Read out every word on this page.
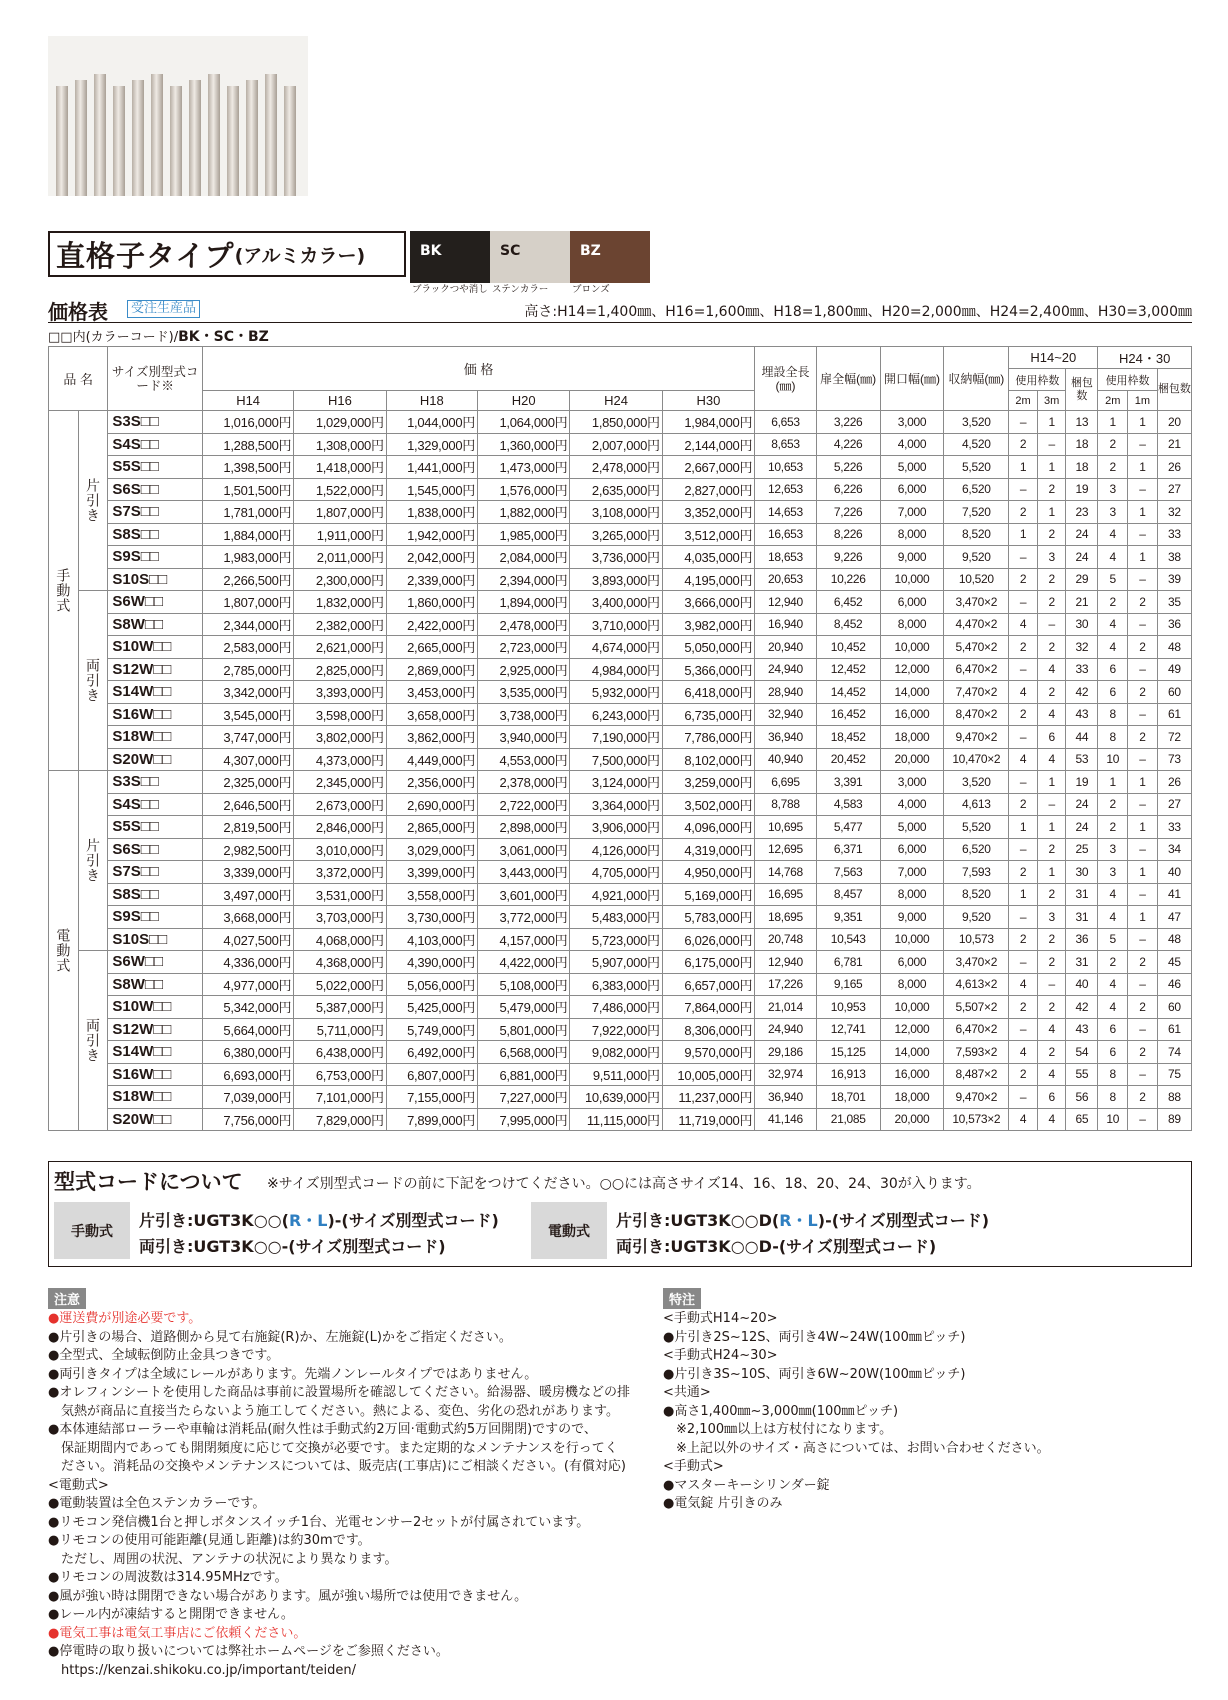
直格子タイプ (アルミカラー)	BK
ブラックつや消し
SC
ステンカラー
BZ
ブロンズ
価格表	受注生産品	高さ:H14=1,400㎜、H16=1,600㎜、H18=1,800㎜、H20=2,000㎜、H24=2,400㎜、H30=3,000㎜
□□内(カラーコード)/BK・SC・BZ
品 名		サイズ別型式コード※	価 格						埋設全長(㎜)	扉全幅(㎜)	開口幅(㎜)	収納幅(㎜)	H14~20			H24・30		
													使用枠数		梱包数	使用枠数		梱包数
			H14	H16	H18	H20	H24	H30					2m	3m		2m	1m	
手動式	片引き	S3S□□	1,016,000円	1,029,000円	1,044,000円	1,064,000円	1,850,000円	1,984,000円	6,653	3,226	3,000	3,520	–	1	13	1	1	20
		S4S□□	1,288,500円	1,308,000円	1,329,000円	1,360,000円	2,007,000円	2,144,000円	8,653	4,226	4,000	4,520	2	–	18	2	–	21
		S5S□□	1,398,500円	1,418,000円	1,441,000円	1,473,000円	2,478,000円	2,667,000円	10,653	5,226	5,000	5,520	1	1	18	2	1	26
		S6S□□	1,501,500円	1,522,000円	1,545,000円	1,576,000円	2,635,000円	2,827,000円	12,653	6,226	6,000	6,520	–	2	19	3	–	27
		S7S□□	1,781,000円	1,807,000円	1,838,000円	1,882,000円	3,108,000円	3,352,000円	14,653	7,226	7,000	7,520	2	1	23	3	1	32
		S8S□□	1,884,000円	1,911,000円	1,942,000円	1,985,000円	3,265,000円	3,512,000円	16,653	8,226	8,000	8,520	1	2	24	4	–	33
		S9S□□	1,983,000円	2,011,000円	2,042,000円	2,084,000円	3,736,000円	4,035,000円	18,653	9,226	9,000	9,520	–	3	24	4	1	38
		S10S□□	2,266,500円	2,300,000円	2,339,000円	2,394,000円	3,893,000円	4,195,000円	20,653	10,226	10,000	10,520	2	2	29	5	–	39
	両引き	S6W□□	1,807,000円	1,832,000円	1,860,000円	1,894,000円	3,400,000円	3,666,000円	12,940	6,452	6,000	3,470×2	–	2	21	2	2	35
		S8W□□	2,344,000円	2,382,000円	2,422,000円	2,478,000円	3,710,000円	3,982,000円	16,940	8,452	8,000	4,470×2	4	–	30	4	–	36
		S10W□□	2,583,000円	2,621,000円	2,665,000円	2,723,000円	4,674,000円	5,050,000円	20,940	10,452	10,000	5,470×2	2	2	32	4	2	48
		S12W□□	2,785,000円	2,825,000円	2,869,000円	2,925,000円	4,984,000円	5,366,000円	24,940	12,452	12,000	6,470×2	–	4	33	6	–	49
		S14W□□	3,342,000円	3,393,000円	3,453,000円	3,535,000円	5,932,000円	6,418,000円	28,940	14,452	14,000	7,470×2	4	2	42	6	2	60
		S16W□□	3,545,000円	3,598,000円	3,658,000円	3,738,000円	6,243,000円	6,735,000円	32,940	16,452	16,000	8,470×2	2	4	43	8	–	61
		S18W□□	3,747,000円	3,802,000円	3,862,000円	3,940,000円	7,190,000円	7,786,000円	36,940	18,452	18,000	9,470×2	–	6	44	8	2	72
		S20W□□	4,307,000円	4,373,000円	4,449,000円	4,553,000円	7,500,000円	8,102,000円	40,940	20,452	20,000	10,470×2	4	4	53	10	–	73
電動式	片引き	S3S□□	2,325,000円	2,345,000円	2,356,000円	2,378,000円	3,124,000円	3,259,000円	6,695	3,391	3,000	3,520	–	1	19	1	1	26
		S4S□□	2,646,500円	2,673,000円	2,690,000円	2,722,000円	3,364,000円	3,502,000円	8,788	4,583	4,000	4,613	2	–	24	2	–	27
		S5S□□	2,819,500円	2,846,000円	2,865,000円	2,898,000円	3,906,000円	4,096,000円	10,695	5,477	5,000	5,520	1	1	24	2	1	33
		S6S□□	2,982,500円	3,010,000円	3,029,000円	3,061,000円	4,126,000円	4,319,000円	12,695	6,371	6,000	6,520	–	2	25	3	–	34
		S7S□□	3,339,000円	3,372,000円	3,399,000円	3,443,000円	4,705,000円	4,950,000円	14,768	7,563	7,000	7,593	2	1	30	3	1	40
		S8S□□	3,497,000円	3,531,000円	3,558,000円	3,601,000円	4,921,000円	5,169,000円	16,695	8,457	8,000	8,520	1	2	31	4	–	41
		S9S□□	3,668,000円	3,703,000円	3,730,000円	3,772,000円	5,483,000円	5,783,000円	18,695	9,351	9,000	9,520	–	3	31	4	1	47
		S10S□□	4,027,500円	4,068,000円	4,103,000円	4,157,000円	5,723,000円	6,026,000円	20,748	10,543	10,000	10,573	2	2	36	5	–	48
	両引き	S6W□□	4,336,000円	4,368,000円	4,390,000円	4,422,000円	5,907,000円	6,175,000円	12,940	6,781	6,000	3,470×2	–	2	31	2	2	45
		S8W□□	4,977,000円	5,022,000円	5,056,000円	5,108,000円	6,383,000円	6,657,000円	17,226	9,165	8,000	4,613×2	4	–	40	4	–	46
		S10W□□	5,342,000円	5,387,000円	5,425,000円	5,479,000円	7,486,000円	7,864,000円	21,014	10,953	10,000	5,507×2	2	2	42	4	2	60
		S12W□□	5,664,000円	5,711,000円	5,749,000円	5,801,000円	7,922,000円	8,306,000円	24,940	12,741	12,000	6,470×2	–	4	43	6	–	61
		S14W□□	6,380,000円	6,438,000円	6,492,000円	6,568,000円	9,082,000円	9,570,000円	29,186	15,125	14,000	7,593×2	4	2	54	6	2	74
		S16W□□	6,693,000円	6,753,000円	6,807,000円	6,881,000円	9,511,000円	10,005,000円	32,974	16,913	16,000	8,487×2	2	4	55	8	–	75
		S18W□□	7,039,000円	7,101,000円	7,155,000円	7,227,000円	10,639,000円	11,237,000円	36,940	18,701	18,000	9,470×2	–	6	56	8	2	88
		S20W□□	7,756,000円	7,829,000円	7,899,000円	7,995,000円	11,115,000円	11,719,000円	41,146	21,085	20,000	10,573×2	4	4	65	10	–	89
型式コードについて ※サイズ別型式コードの前に下記をつけてください。○○には高さサイズ14、16、18、20、24、30が入ります。
手動式
片引き:UGT3K○○(R・L)-(サイズ別型式コード)
両引き:UGT3K○○-(サイズ別型式コード)
電動式
片引き:UGT3K○○D(R・L)-(サイズ別型式コード)
両引き:UGT3K○○D-(サイズ別型式コード)
注意
●運送費が別途必要です。
●片引きの場合、道路側から見て右施錠(R)か、左施錠(L)かをご指定ください。
●全型式、全域転倒防止金具つきです。
●両引きタイプは全域にレールがあります。先端ノンレールタイプではありません。
●オレフィンシートを使用した商品は事前に設置場所を確認してください。給湯器、暖房機などの排
　気熱が商品に直接当たらないよう施工してください。熱による、変色、劣化の恐れがあります。
●本体連結部ローラーや車輪は消耗品(耐久性は手動式約2万回·電動式約5万回開閉)ですので、
　保証期間内であっても開閉頻度に応じて交換が必要です。また定期的なメンテナンスを行ってく
　ださい。消耗品の交換やメンテナンスについては、販売店(工事店)にご相談ください。(有償対応)
<電動式>
●電動装置は全色ステンカラーです。
●リモコン発信機1台と押しボタンスイッチ1台、光電センサー2セットが付属されています。
●リモコンの使用可能距離(見通し距離)は約30mです。
　ただし、周囲の状況、アンテナの状況により異なります。
●リモコンの周波数は314.95MHzです。
●風が強い時は開閉できない場合があります。風が強い場所では使用できません。
●レール内が凍結すると開閉できません。
●電気工事は電気工事店にご依頼ください。
●停電時の取り扱いについては弊社ホームページをご参照ください。
　https://kenzai.shikoku.co.jp/important/teiden/
特注
<手動式H14~20>
●片引き2S~12S、両引き4W~24W(100㎜ピッチ)
<手動式H24~30>
●片引き3S~10S、両引き6W~20W(100㎜ピッチ)
<共通>
●高さ1,400㎜~3,000㎜(100㎜ピッチ)
　※2,100㎜以上は方杖付になります。
　※上記以外のサイズ・高さについては、お問い合わせください。
<手動式>
●マスターキーシリンダー錠
●電気錠 片引きのみ
